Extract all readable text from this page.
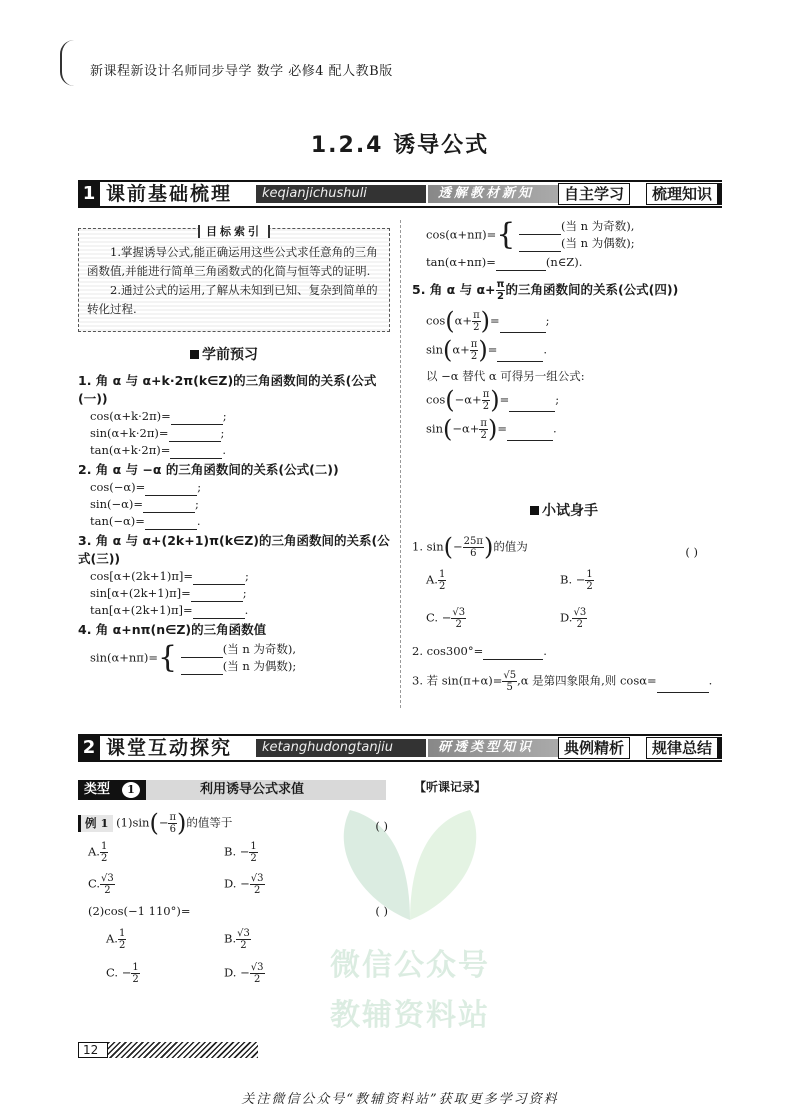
新课程新设计名师同步导学 数学 必修4 配人教B版
1.2.4 诱导公式
1 课前基础梳理	keqianjichushuli	透解教材新知	自主学习	梳理知识
目标索引

1.掌握诱导公式,能正确运用这些公式求任意角的三角函数值,并能进行简单三角函数式的化简与恒等式的证明.

2.通过公式的运用,了解从未知到已知、复杂到简单的转化过程.

学前预习
1. 角 α 与 α+k·2π(k∈Z)的三角函数间的关系(公式(一))
cos(α+k·2π)=	;
sin(α+k·2π)=	;
tan(α+k·2π)=	.
2. 角 α 与 −α 的三角函数间的关系(公式(二))
cos(−α)=	;
sin(−α)=	;
tan(−α)=	.
3. 角 α 与 α+(2k+1)π(k∈Z)的三角函数间的关系(公式(三))
cos[α+(2k+1)π]=	;
sin[α+(2k+1)π]=	;
tan[α+(2k+1)π]=	.
4. 角 α+nπ(n∈Z)的三角函数值
sin(α+nπ)={	(当 n 为奇数),
(当 n 为偶数);
cos(α+nπ)={	(当 n 为奇数),
(当 n 为偶数);
tan(α+nπ)=	(n∈Z).
5. 角 α 与 $\alpha+ \frac{\pi}{2}$ 的三角函数间的关系(公式(四))
$\cos(\alpha+ \frac{\pi}{2}$ )=	;
$\sin(\alpha+ \frac{\pi}{2}$ )=	.
以 −α 替代 α 可得另一组公式:
$\cos(-\alpha+ \frac{\pi}{2}$ )=	;
$\sin(-\alpha+ \frac{\pi}{2}$ )=	.
小试身手
1. $\sin(- \frac{25\pi}{6}$ )的值为	( )
A. $\frac{1}{2}$	B. − $\frac{1}{2}$
C. − $\frac{√3}{2}$	D. $\frac{√3}{2}$
2. cos300°=	.
3. 若 $\sin(\pi+\alpha)= \frac{√5}{5} ,\alpha$ 是第四象限角,则 cosα=	.
2 课堂互动探究	ketanghudongtanjiu	研透类型知识	典例精析	规律总结
微信公众号
教辅资料站
类型	1	利用诱导公式求值	【听课记录】
例 1 $(1)\sin(- \frac{\pi}{6}$ )的值等于	( )
A. $\frac{1}{2}$	B. − $\frac{1}{2}$
C. $\frac{√3}{2}$	D. − $\frac{√3}{2}$
(2)cos(−1 110°)=	( )
A. $\frac{1}{2}$	B. $\frac{√3}{2}$
C. − $\frac{1}{2}$	D. − $\frac{√3}{2}$
12
关注微信公众号“教辅资料站”获取更多学习资料
